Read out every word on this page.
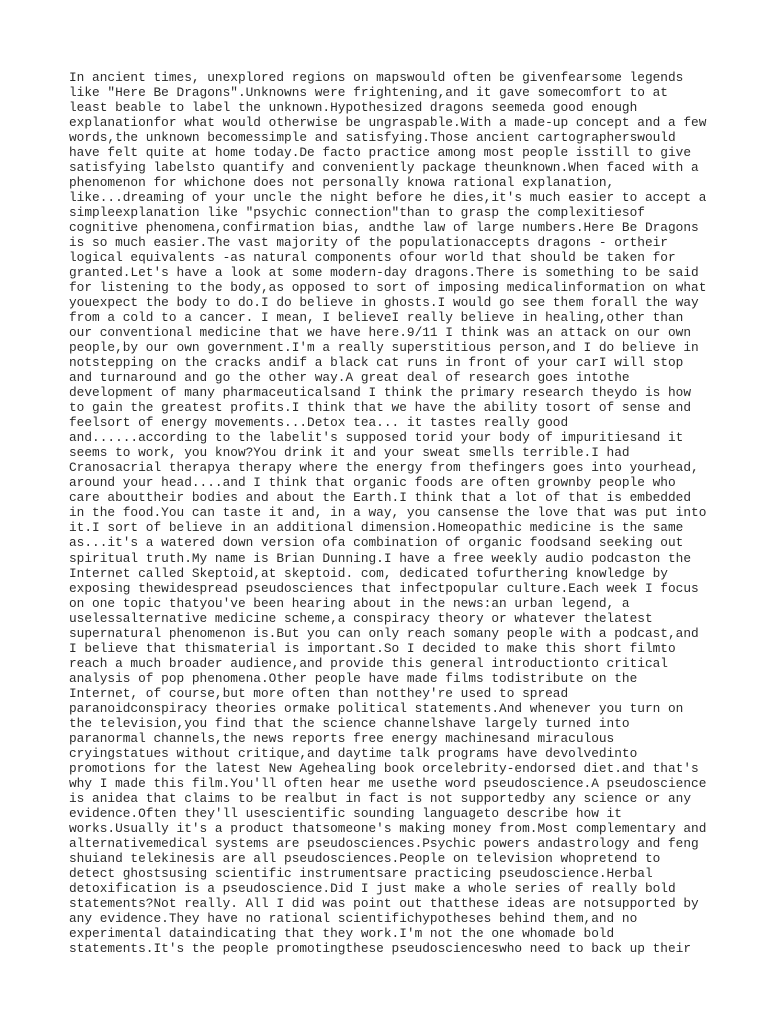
In ancient times, unexplored regions on mapswould often be givenfearsome legends
like "Here Be Dragons".Unknowns were frightening,and it gave somecomfort to at
least beable to label the unknown.Hypothesized dragons seemeda good enough
explanationfor what would otherwise be ungraspable.With a made-up concept and a few
words,the unknown becomessimple and satisfying.Those ancient cartographerswould
have felt quite at home today.De facto practice among most people isstill to give
satisfying labelsto quantify and conveniently package theunknown.When faced with a
phenomenon for whichone does not personally knowa rational explanation,
like...dreaming of your uncle the night before he dies,it's much easier to accept a
simpleexplanation like "psychic connection"than to grasp the complexitiesof
cognitive phenomena,confirmation bias, andthe law of large numbers.Here Be Dragons
is so much easier.The vast majority of the populationaccepts dragons - ortheir
logical equivalents -as natural components ofour world that should be taken for
granted.Let's have a look at some modern-day dragons.There is something to be said
for listening to the body,as opposed to sort of imposing medicalinformation on what
youexpect the body to do.I do believe in ghosts.I would go see them forall the way
from a cold to a cancer. I mean, I believeI really believe in healing,other than
our conventional medicine that we have here.9/11 I think was an attack on our own
people,by our own government.I'm a really superstitious person,and I do believe in
notstepping on the cracks andif a black cat runs in front of your carI will stop
and turnaround and go the other way.A great deal of research goes intothe
development of many pharmaceuticalsand I think the primary research theydo is how
to gain the greatest profits.I think that we have the ability tosort of sense and
feelsort of energy movements...Detox tea... it tastes really good
and......according to the labelit's supposed torid your body of impuritiesand it
seems to work, you know?You drink it and your sweat smells terrible.I had
Cranosacrial therapya therapy where the energy from thefingers goes into yourhead,
around your head....and I think that organic foods are often grownby people who
care abouttheir bodies and about the Earth.I think that a lot of that is embedded
in the food.You can taste it and, in a way, you cansense the love that was put into
it.I sort of believe in an additional dimension.Homeopathic medicine is the same
as...it's a watered down version ofa combination of organic foodsand seeking out
spiritual truth.My name is Brian Dunning.I have a free weekly audio podcaston the
Internet called Skeptoid,at skeptoid. com, dedicated tofurthering knowledge by
exposing thewidespread pseudosciences that infectpopular culture.Each week I focus
on one topic thatyou've been hearing about in the news:an urban legend, a
uselessalternative medicine scheme,a conspiracy theory or whatever thelatest
supernatural phenomenon is.But you can only reach somany people with a podcast,and
I believe that thismaterial is important.So I decided to make this short filmto
reach a much broader audience,and provide this general introductionto critical
analysis of pop phenomena.Other people have made films todistribute on the
Internet, of course,but more often than notthey're used to spread
paranoidconspiracy theories ormake political statements.And whenever you turn on
the television,you find that the science channelshave largely turned into
paranormal channels,the news reports free energy machinesand miraculous
cryingstatues without critique,and daytime talk programs have devolvedinto
promotions for the latest New Agehealing book orcelebrity-endorsed diet.and that's
why I made this film.You'll often hear me usethe word pseudoscience.A pseudoscience
is anidea that claims to be realbut in fact is not supportedby any science or any
evidence.Often they'll usescientific sounding languageto describe how it
works.Usually it's a product thatsomeone's making money from.Most complementary and
alternativemedical systems are pseudosciences.Psychic powers andastrology and feng
shuiand telekinesis are all pseudosciences.People on television whopretend to
detect ghostsusing scientific instrumentsare practicing pseudoscience.Herbal
detoxification is a pseudoscience.Did I just make a whole series of really bold
statements?Not really. All I did was point out thatthese ideas are notsupported by
any evidence.They have no rational scientifichypotheses behind them,and no
experimental dataindicating that they work.I'm not the one whomade bold
statements.It's the people promotingthese pseudoscienceswho need to back up their
